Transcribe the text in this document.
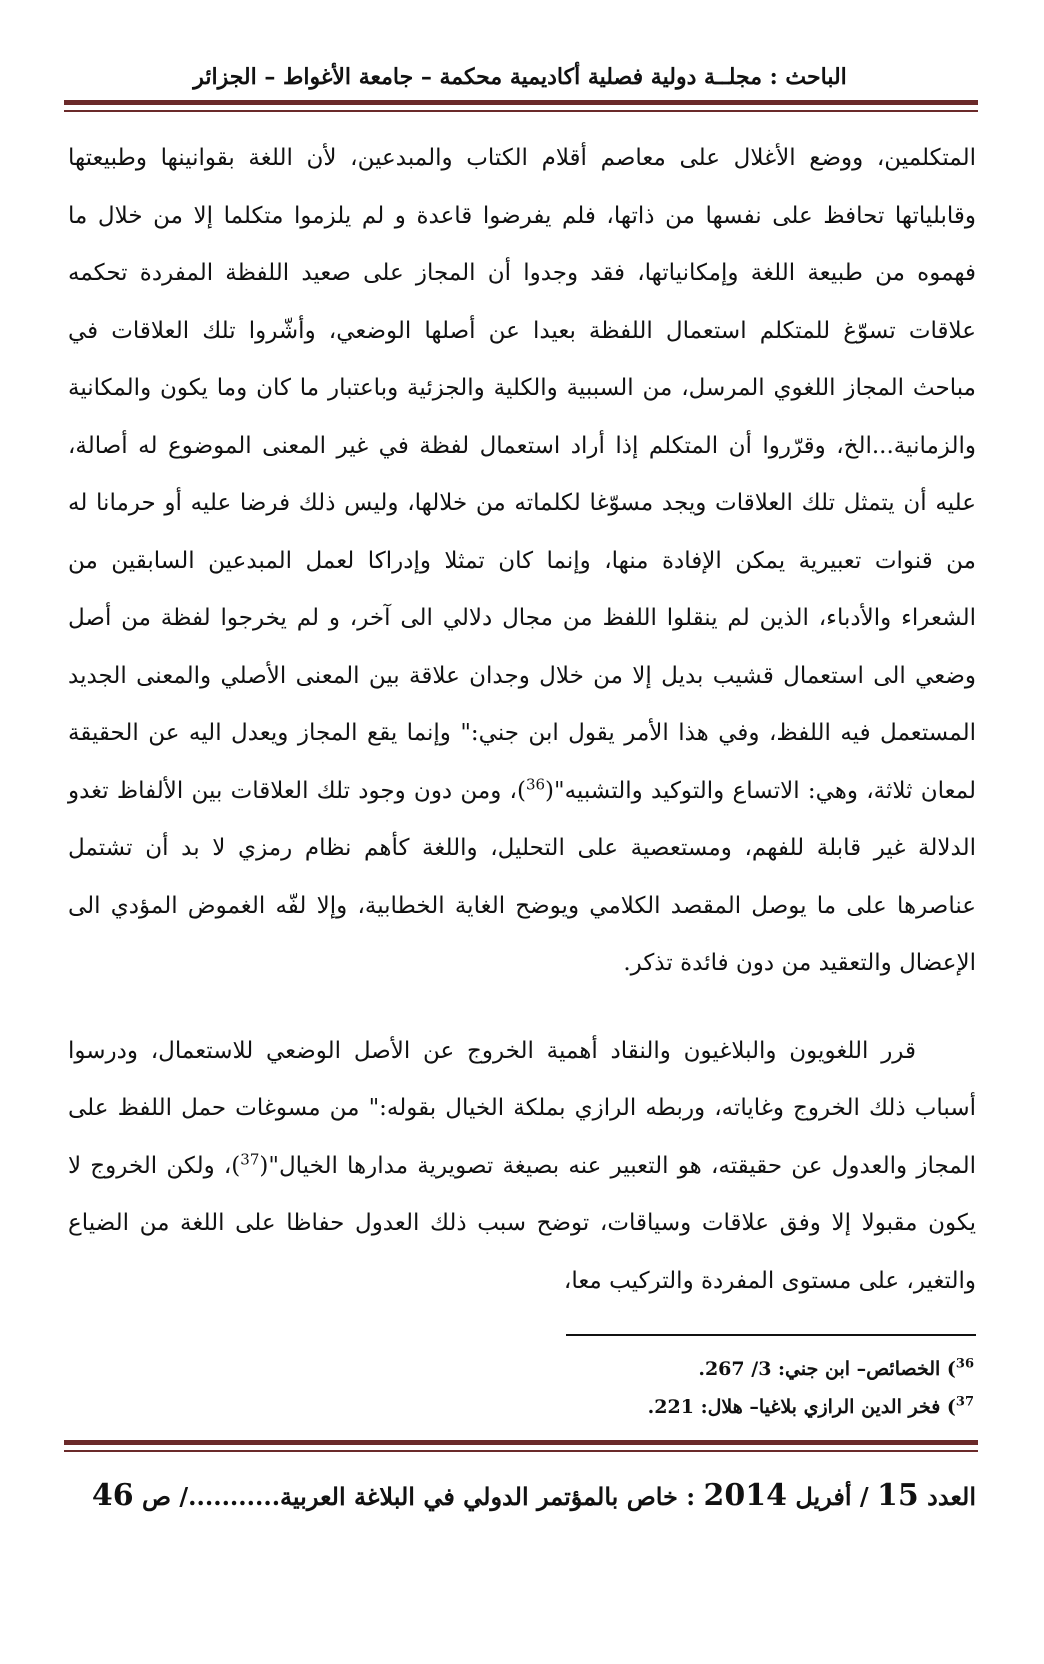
الباحث : مجلــة دولية فصلية أكاديمية محكمة – جامعة الأغواط – الجزائر

المتكلمين، ووضع الأغلال على معاصم أقلام الكتاب والمبدعين، لأن اللغة بقوانينها وطبيعتها وقابلياتها تحافظ على نفسها من ذاتها، فلم يفرضوا قاعدة و لم يلزموا متكلما إلا من خلال ما فهموه من طبيعة اللغة وإمكانياتها، فقد وجدوا أن المجاز على صعيد اللفظة المفردة تحكمه علاقات تسوّغ للمتكلم استعمال اللفظة بعيدا عن أصلها الوضعي، وأشّروا تلك العلاقات في مباحث المجاز اللغوي المرسل، من السببية والكلية والجزئية وباعتبار ما كان وما يكون والمكانية والزمانية...الخ، وقرّروا أن المتكلم إذا أراد استعمال لفظة في غير المعنى الموضوع له أصالة، عليه أن يتمثل تلك العلاقات ويجد مسوّغا لكلماته من خلالها، وليس ذلك فرضا عليه أو حرمانا له من قنوات تعبيرية يمكن الإفادة منها، وإنما كان تمثلا وإدراكا لعمل المبدعين السابقين من الشعراء والأدباء، الذين لم ينقلوا اللفظ من مجال دلالي الى آخر، و لم يخرجوا لفظة من أصل وضعي الى استعمال قشيب بديل إلا من خلال وجدان علاقة بين المعنى الأصلي والمعنى الجديد المستعمل فيه اللفظ، وفي هذا الأمر يقول ابن جني:" وإنما يقع المجاز ويعدل اليه عن الحقيقة لمعان ثلاثة، وهي: الاتساع والتوكيد والتشبيه"($^{36}$)، ومن دون وجود تلك العلاقات بين الألفاظ تغدو الدلالة غير قابلة للفهم، ومستعصية على التحليل، واللغة كأهم نظام رمزي لا بد أن تشتمل عناصرها على ما يوصل المقصد الكلامي ويوضح الغاية الخطابية، وإلا لفّه الغموض المؤدي الى الإعضال والتعقيد من دون فائدة تذكر.

قرر اللغويون والبلاغيون والنقاد أهمية الخروج عن الأصل الوضعي للاستعمال، ودرسوا أسباب ذلك الخروج وغاياته، وربطه الرازي بملكة الخيال بقوله:" من مسوغات حمل اللفظ على المجاز والعدول عن حقيقته، هو التعبير عنه بصيغة تصويرية مدارها الخيال"($^{37}$)، ولكن الخروج لا يكون مقبولا إلا وفق علاقات وسياقات، توضح سبب ذلك العدول حفاظا على اللغة من الضياع والتغير، على مستوى المفردة والتركيب معا،

$^{36}$) الخصائص– ابن جني: 3/ 267.

$^{37}$) فخر الدين الرازي بلاغيا– هلال: 221.

العدد 15 / أفريل 2014 : خاص بالمؤتمر الدولي في البلاغة العربية.........../ ص 46
